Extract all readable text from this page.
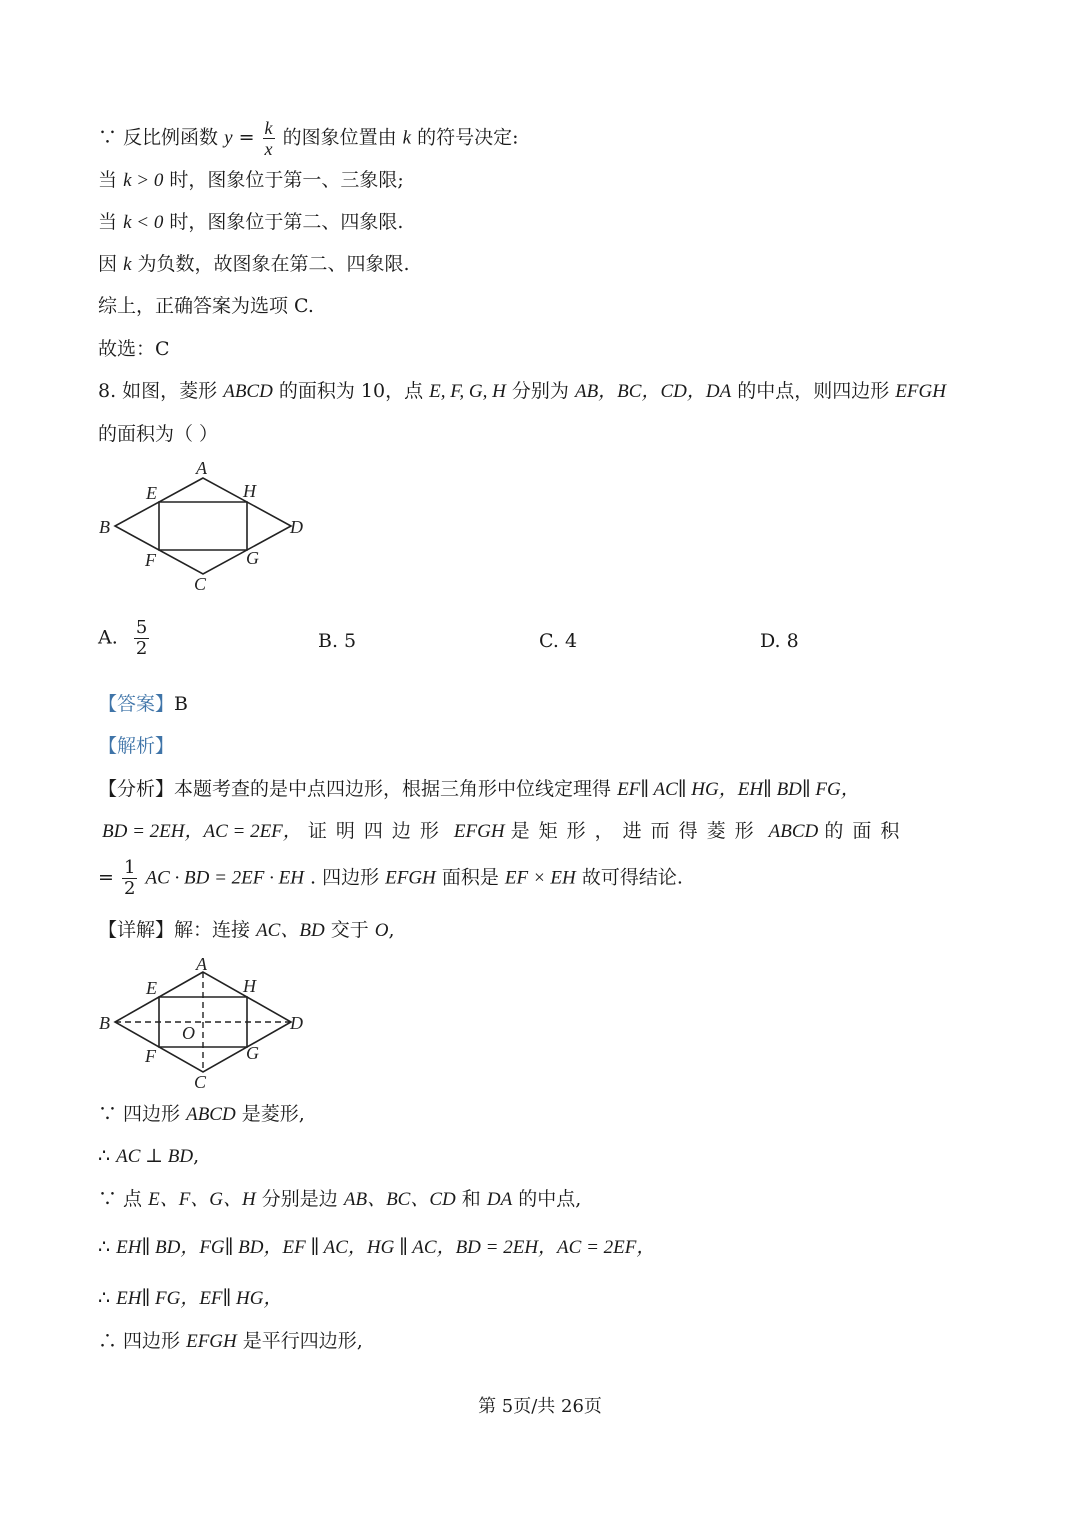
∵ 反比例函数 $y = \frac{k}{x}$ 的图象位置由 k 的符号决定:
当 k > 0 时，图象位于第一、三象限;
当 k < 0 时，图象位于第二、四象限.
因 k 为负数，故图象在第二、四象限.
综上，正确答案为选项 C.
故选：C
8. 如图，菱形 ABCD 的面积为 10，点 E, F, G, H 分别为 AB，BC，CD，DA 的中点，则四边形 EFGH
的面积为（ ）
A
B
C
D
E	H
F	G
A. $\frac{5}{2}$	B. 5	C. 4	D. 8
【答案】B
【解析】
【分析】本题考查的是中点四边形，根据三角形中位线定理得 EF∥ AC∥ HG，EH∥ BD∥ FG，
BD = 2EH，AC = 2EF， 证明四边形 EFGH 是矩形，进而得菱形 ABCD 的面积
= $\frac{1}{2}$ AC · BD = 2EF · EH . 四边形 EFGH 面积是 EF × EH 故可得结论.
【详解】解：连接 AC、BD 交于 O,
A
B
C
D
E	H
F	G
O
∵ 四边形 ABCD 是菱形,
∴ AC ⊥ BD,
∵ 点 E、F、G、H 分别是边 AB、BC、CD 和 DA 的中点,
∴ EH∥ BD，FG∥ BD，EF ∥ AC，HG ∥ AC，BD = 2EH，AC = 2EF，
∴ EH∥ FG，EF∥ HG，
∴ 四边形 EFGH 是平行四边形,
第 5页/共 26页
